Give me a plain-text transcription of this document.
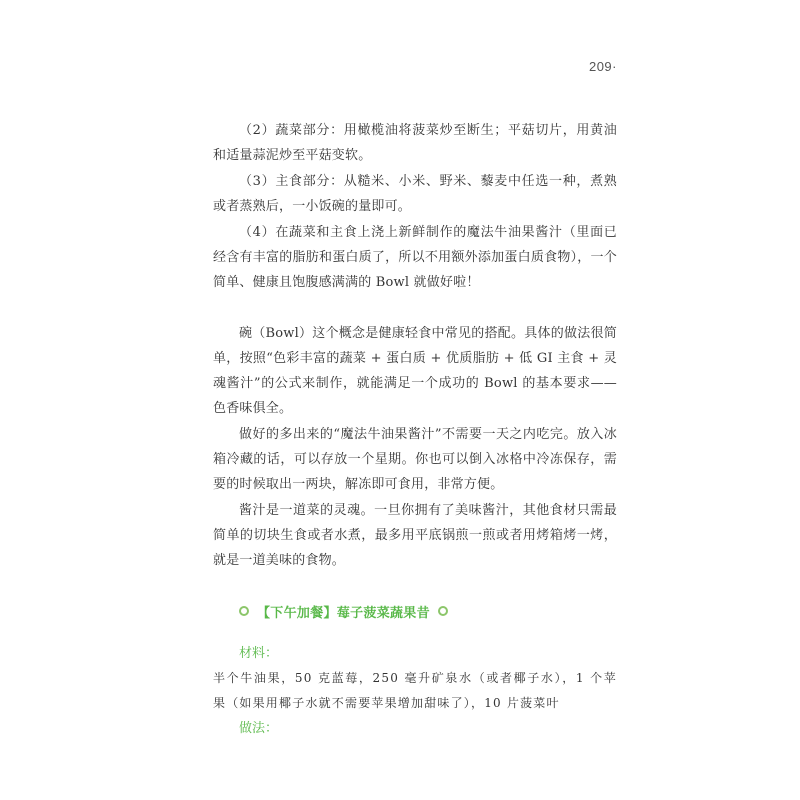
209·

（2）蔬菜部分：用橄榄油将菠菜炒至断生；平菇切片，用黄油和适量蒜泥炒至平菇变软。

（3）主食部分：从糙米、小米、野米、藜麦中任选一种，煮熟或者蒸熟后，一小饭碗的量即可。

（4）在蔬菜和主食上浇上新鲜制作的魔法牛油果酱汁（里面已经含有丰富的脂肪和蛋白质了，所以不用额外添加蛋白质食物），一个简单、健康且饱腹感满满的 Bowl 就做好啦！

碗（Bowl）这个概念是健康轻食中常见的搭配。具体的做法很简单，按照“色彩丰富的蔬菜 + 蛋白质 + 优质脂肪 + 低 GI 主食 + 灵魂酱汁”的公式来制作，就能满足一个成功的 Bowl 的基本要求——色香味俱全。

做好的多出来的“魔法牛油果酱汁”不需要一天之内吃完。放入冰箱冷藏的话，可以存放一个星期。你也可以倒入冰格中冷冻保存，需要的时候取出一两块，解冻即可食用，非常方便。

酱汁是一道菜的灵魂。一旦你拥有了美味酱汁，其他食材只需最简单的切块生食或者水煮，最多用平底锅煎一煎或者用烤箱烤一烤，就是一道美味的食物。

【下午加餐】莓子菠菜蔬果昔

材料：

半个牛油果，50 克蓝莓，250 毫升矿泉水（或者椰子水），1 个苹果（如果用椰子水就不需要苹果增加甜味了），10 片菠菜叶

做法：
